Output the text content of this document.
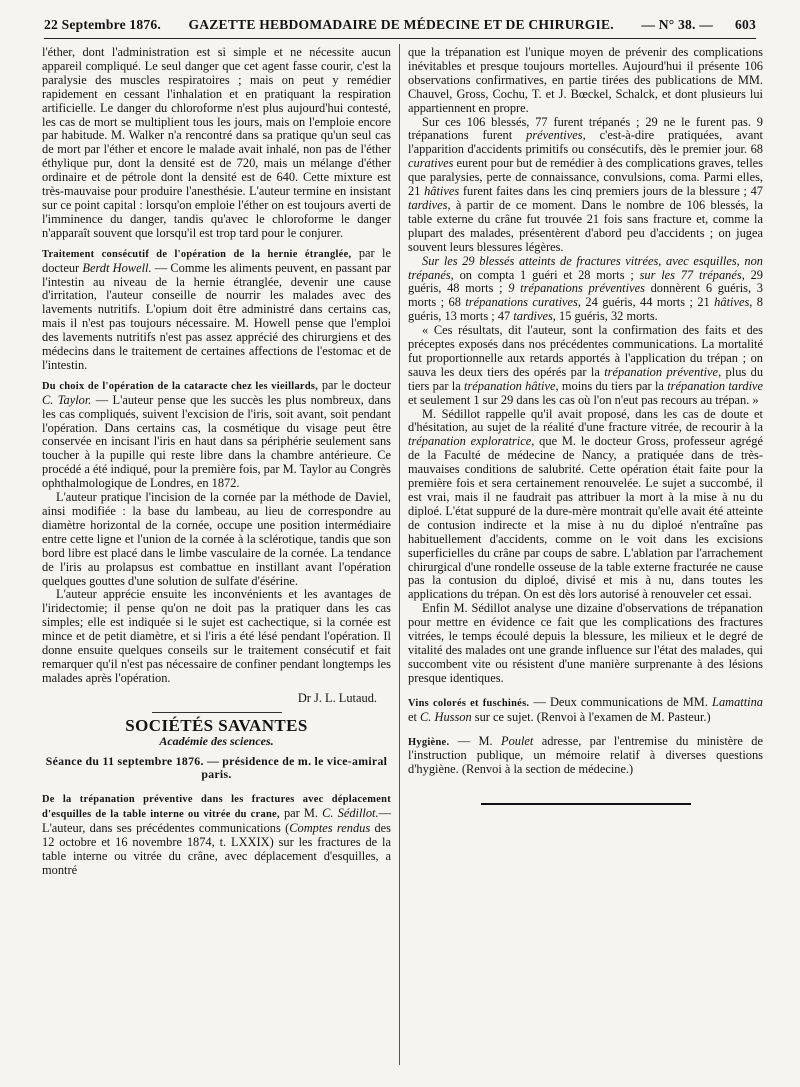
22 Septembre 1876. GAZETTE HEBDOMADAIRE DE MÉDECINE ET DE CHIRURGIE. — N° 38. — 603

l'éther, dont l'administration est si simple et ne nécessite aucun appareil compliqué. Le seul danger que cet agent fasse courir, c'est la paralysie des muscles respiratoires ; mais on peut y remédier rapidement en cessant l'inhalation et en pratiquant la respiration artificielle. Le danger du chloroforme n'est plus aujourd'hui contesté, les cas de mort se multiplient tous les jours, mais on l'emploie encore par habitude. M. Walker n'a rencontré dans sa pratique qu'un seul cas de mort par l'éther et encore le malade avait inhalé, non pas de l'éther éthylique pur, dont la densité est de 720, mais un mélange d'éther ordinaire et de pétrole dont la densité est de 640. Cette mixture est très-mauvaise pour produire l'anesthésie. L'auteur termine en insistant sur ce point capital : lorsqu'on emploie l'éther on est toujours averti de l'imminence du danger, tandis qu'avec le chloroforme le danger n'apparaît souvent que lorsqu'il est trop tard pour le conjurer.

Traitement consécutif de l'opération de la hernie étranglée, par le docteur Berdt Howell. — Comme les aliments peuvent, en passant par l'intestin au niveau de la hernie étranglée, devenir une cause d'irritation, l'auteur conseille de nourrir les malades avec des lavements nutritifs. L'opium doit être administré dans certains cas, mais il n'est pas toujours nécessaire. M. Howell pense que l'emploi des lavements nutritifs n'est pas assez apprécié des chirurgiens et des médecins dans le traitement de certaines affections de l'estomac et de l'intestin.

Du choix de l'opération de la cataracte chez les vieillards, par le docteur C. Taylor. — L'auteur pense que les succès les plus nombreux, dans les cas compliqués, suivent l'excision de l'iris, soit avant, soit pendant l'opération. Dans certains cas, la cosmétique du visage peut être conservée en incisant l'iris en haut dans sa périphérie seulement sans toucher à la pupille qui reste libre dans la chambre antérieure. Ce procédé a été indiqué, pour la première fois, par M. Taylor au Congrès ophthalmologique de Londres, en 1872.

L'auteur pratique l'incision de la cornée par la méthode de Daviel, ainsi modifiée : la base du lambeau, au lieu de correspondre au diamètre horizontal de la cornée, occupe une position intermédiaire entre cette ligne et l'union de la cornée à la sclérotique, tandis que son bord libre est placé dans le limbe vasculaire de la cornée. La tendance de l'iris au prolapsus est combattue en instillant avant l'opération quelques gouttes d'une solution de sulfate d'ésérine.

L'auteur apprécie ensuite les inconvénients et les avantages de l'iridectomie; il pense qu'on ne doit pas la pratiquer dans les cas simples; elle est indiquée si le sujet est cachectique, si la cornée est mince et de petit diamètre, et si l'iris a été lésé pendant l'opération. Il donne ensuite quelques conseils sur le traitement consécutif et fait remarquer qu'il n'est pas nécessaire de confiner pendant longtemps les malades après l'opération.

Dr J. L. Lutaud.
SOCIÉTÉS SAVANTES
Académie des sciences.
Séance du 11 septembre 1876. — présidence de m. le vice-amiral paris.

De la trépanation préventive dans les fractures avec déplacement d'esquilles de la table interne ou vitrée du crane, par M. C. Sédillot.— L'auteur, dans ses précédentes communications (Comptes rendus des 12 octobre et 16 novembre 1874, t. LXXIX) sur les fractures de la table interne ou vitrée du crâne, avec déplacement d'esquilles, a montré

que la trépanation est l'unique moyen de prévenir des complications inévitables et presque toujours mortelles. Aujourd'hui il présente 106 observations confirmatives, en partie tirées des publications de MM. Chauvel, Gross, Cochu, T. et J. Bœckel, Schalck, et dont plusieurs lui appartiennent en propre.

Sur ces 106 blessés, 77 furent trépanés ; 29 ne le furent pas. 9 trépanations furent préventives, c'est-à-dire pratiquées, avant l'apparition d'accidents primitifs ou consécutifs, dès le premier jour. 68 curatives eurent pour but de remédier à des complications graves, telles que paralysies, perte de connaissance, convulsions, coma. Parmi elles, 21 hâtives furent faites dans les cinq premiers jours de la blessure ; 47 tardives, à partir de ce moment. Dans le nombre de 106 blessés, la table externe du crâne fut trouvée 21 fois sans fracture et, comme la plupart des malades, présentèrent d'abord peu d'accidents ; on jugea souvent leurs blessures légères.

Sur les 29 blessés atteints de fractures vitrées, avec esquilles, non trépanés, on compta 1 guéri et 28 morts ; sur les 77 trépanés, 29 guéris, 48 morts ; 9 trépanations préventives donnèrent 6 guéris, 3 morts ; 68 trépanations curatives, 24 guéris, 44 morts ; 21 hâtives, 8 guéris, 13 morts ; 47 tardives, 15 guéris, 32 morts.

« Ces résultats, dit l'auteur, sont la confirmation des faits et des préceptes exposés dans nos précédentes communications. La mortalité fut proportionnelle aux retards apportés à l'application du trépan ; on sauva les deux tiers des opérés par la trépanation préventive, plus du tiers par la trépanation hâtive, moins du tiers par la trépanation tardive et seulement 1 sur 29 dans les cas où l'on n'eut pas recours au trépan. »

M. Sédillot rappelle qu'il avait proposé, dans les cas de doute et d'hésitation, au sujet de la réalité d'une fracture vitrée, de recourir à la trépanation exploratrice, que M. le docteur Gross, professeur agrégé de la Faculté de médecine de Nancy, a pratiquée dans de très-mauvaises conditions de salubrité. Cette opération était faite pour la première fois et sera certainement renouvelée. Le sujet a succombé, il est vrai, mais il ne faudrait pas attribuer la mort à la mise à nu du diploé. L'état suppuré de la dure-mère montrait qu'elle avait été atteinte de contusion indirecte et la mise à nu du diploé n'entraîne pas habituellement d'accidents, comme on le voit dans les excisions superficielles du crâne par coups de sabre. L'ablation par l'arrachement chirurgical d'une rondelle osseuse de la table externe fracturée ne cause pas la contusion du diploé, divisé et mis à nu, dans toutes les applications du trépan. On est dès lors autorisé à renouveler cet essai.

Enfin M. Sédillot analyse une dizaine d'observations de trépanation pour mettre en évidence ce fait que les complications des fractures vitrées, le temps écoulé depuis la blessure, les milieux et le degré de vitalité des malades ont une grande influence sur l'état des malades, qui succombent vite ou résistent d'une manière surprenante à des lésions presque identiques.

Vins colorés et fuschinés. — Deux communications de MM. Lamattina et C. Husson sur ce sujet. (Renvoi à l'examen de M. Pasteur.)

Hygiène. — M. Poulet adresse, par l'entremise du ministère de l'instruction publique, un mémoire relatif à diverses questions d'hygiène. (Renvoi à la section de médecine.)
